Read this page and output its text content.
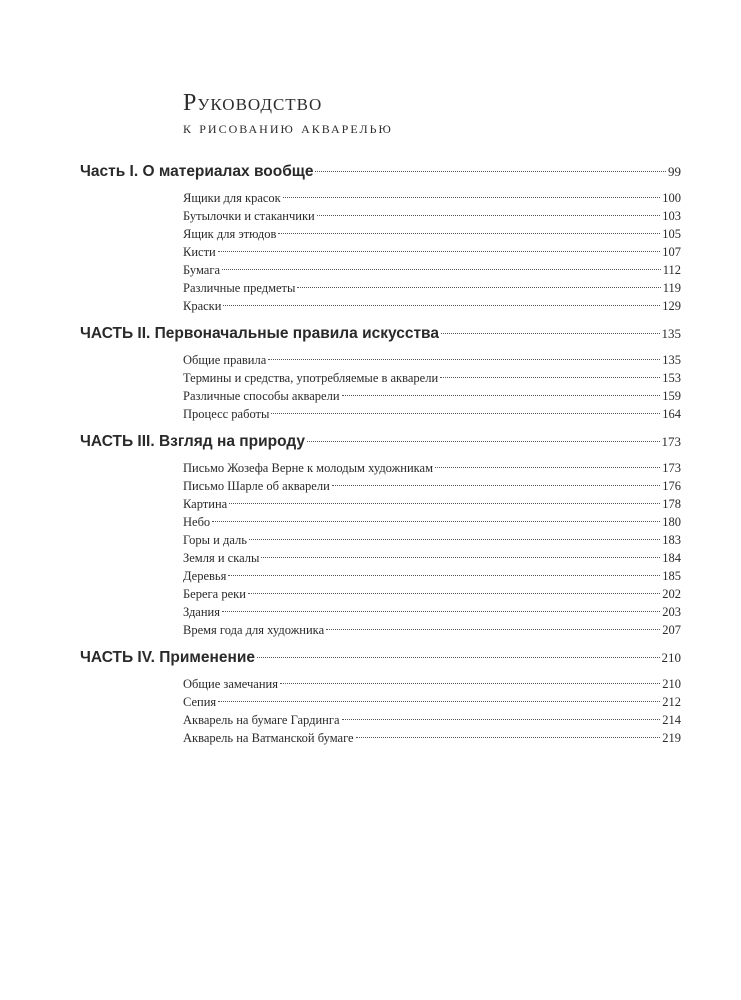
Руководство
к рисованию акварелью
Часть I. О материалах вообще	99
Ящики для красок	100
Бутылочки и стаканчики	103
Ящик для этюдов	105
Кисти	107
Бумага	112
Различные предметы	119
Краски	129
ЧАСТЬ II. Первоначальные правила искусства	135
Общие правила	135
Термины и средства, употребляемые в акварели	153
Различные способы акварели	159
Процесс работы	164
ЧАСТЬ III. Взгляд на природу	173
Письмо Жозефа Верне к молодым художникам	173
Письмо Шарле об акварели	176
Картина	178
Небо	180
Горы и даль	183
Земля и скалы	184
Деревья	185
Берега реки	202
Здания	203
Время года для художника	207
ЧАСТЬ IV. Применение	210
Общие замечания	210
Сепия	212
Акварель на бумаге Гардинга	214
Акварель на Ватманской бумаге	219
